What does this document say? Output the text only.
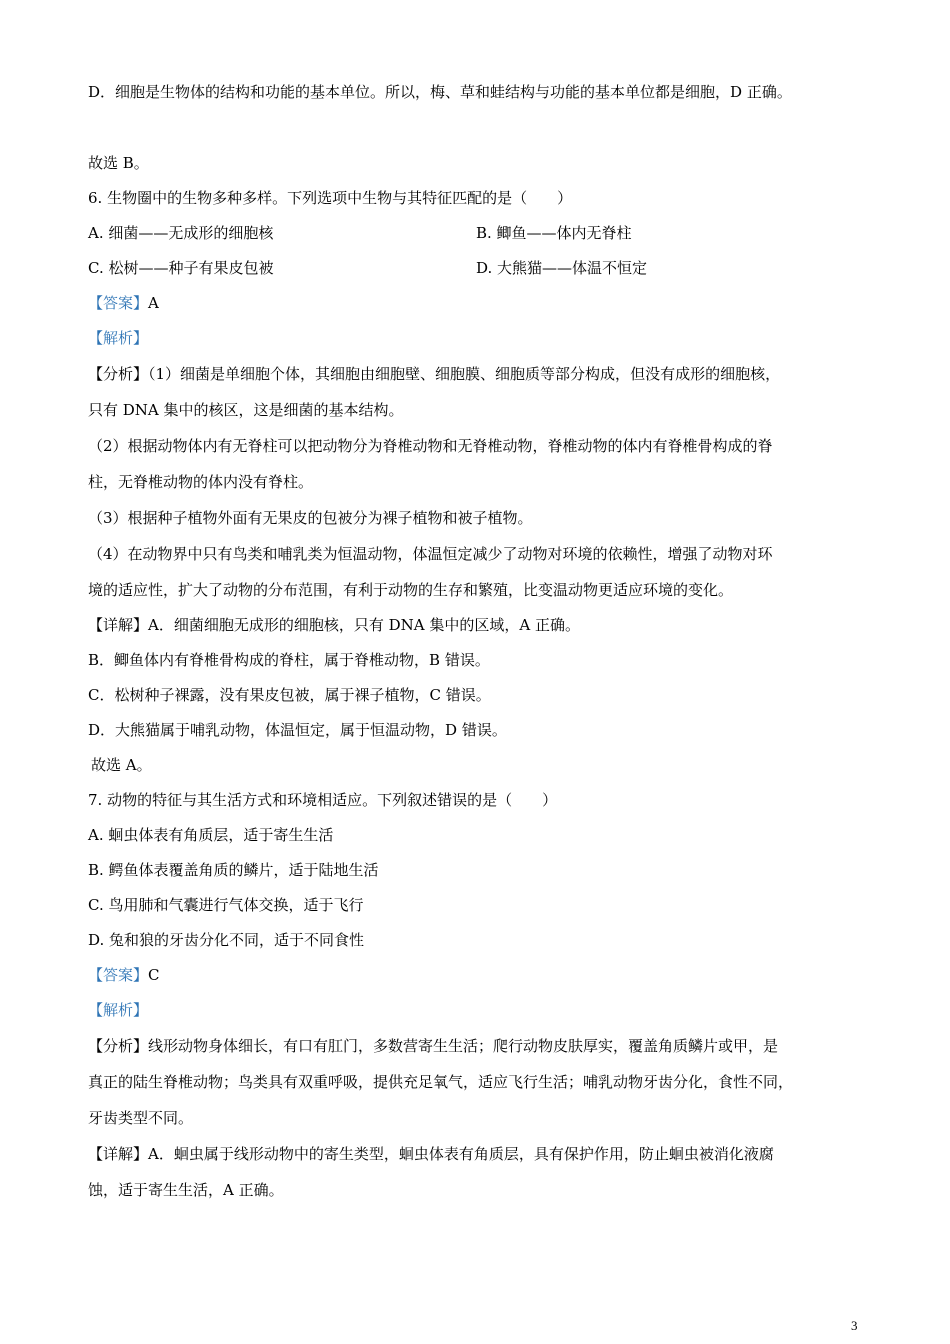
D．细胞是生物体的结构和功能的基本单位。所以，梅、草和蛙结构与功能的基本单位都是细胞，D 正确。
故选 B。
6. 生物圈中的生物多种多样。下列选项中生物与其特征匹配的是（　　）
A. 细菌——无成形的细胞核	B. 鲫鱼——体内无脊柱
C. 松树——种子有果皮包被	D. 大熊猫——体温不恒定
【答案】A
【解析】
【分析】（1）细菌是单细胞个体，其细胞由细胞壁、细胞膜、细胞质等部分构成，但没有成形的细胞核，
只有 DNA 集中的核区，这是细菌的基本结构。
（2）根据动物体内有无脊柱可以把动物分为脊椎动物和无脊椎动物，脊椎动物的体内有脊椎骨构成的脊
柱，无脊椎动物的体内没有脊柱。
（3）根据种子植物外面有无果皮的包被分为裸子植物和被子植物。
（4）在动物界中只有鸟类和哺乳类为恒温动物，体温恒定减少了动物对环境的依赖性，增强了动物对环
境的适应性，扩大了动物的分布范围，有利于动物的生存和繁殖，比变温动物更适应环境的变化。
【详解】A．细菌细胞无成形的细胞核，只有 DNA 集中的区域，A 正确。
B．鲫鱼体内有脊椎骨构成的脊柱，属于脊椎动物，B 错误。
C．松树种子裸露，没有果皮包被，属于裸子植物，C 错误。
D．大熊猫属于哺乳动物，体温恒定，属于恒温动物，D 错误。
故选 A。
7. 动物的特征与其生活方式和环境相适应。下列叙述错误的是（　　）
A. 蛔虫体表有角质层，适于寄生生活
B. 鳄鱼体表覆盖角质的鳞片，适于陆地生活
C. 鸟用肺和气囊进行气体交换，适于飞行
D. 兔和狼的牙齿分化不同，适于不同食性
【答案】C
【解析】
【分析】线形动物身体细长，有口有肛门，多数营寄生生活；爬行动物皮肤厚实，覆盖角质鳞片或甲，是
真正的陆生脊椎动物；鸟类具有双重呼吸，提供充足氧气，适应飞行生活；哺乳动物牙齿分化，食性不同，
牙齿类型不同。
【详解】A．蛔虫属于线形动物中的寄生类型，蛔虫体表有角质层，具有保护作用，防止蛔虫被消化液腐
蚀，适于寄生生活，A 正确。
3
